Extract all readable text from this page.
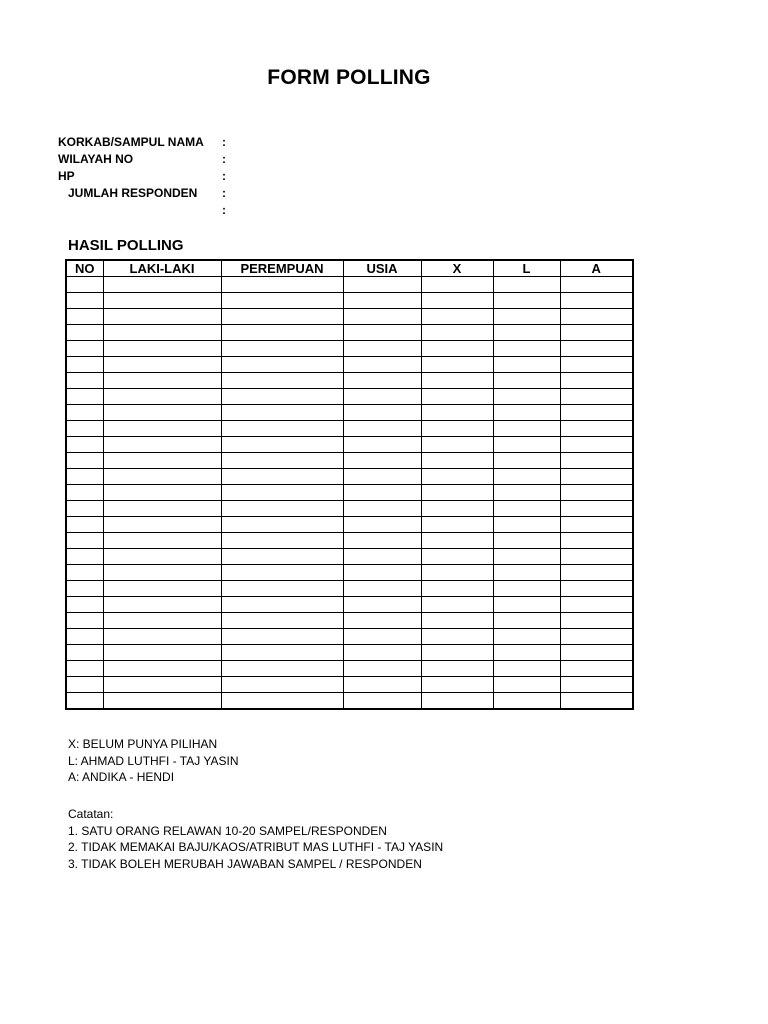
FORM POLLING
KORKAB/SAMPUL NAMA :
WILAYAH NO	:
HP	:
JUMLAH RESPONDEN :
:
HASIL POLLING
NO	LAKI-LAKI	PEREMPUAN	USIA	X	L	A

X: BELUM PUNYA PILIHAN
L: AHMAD LUTHFI - TAJ YASIN
A: ANDIKA - HENDI
Catatan:
1. SATU ORANG RELAWAN 10-20 SAMPEL/RESPONDEN
2. TIDAK MEMAKAI BAJU/KAOS/ATRIBUT MAS LUTHFI - TAJ YASIN
3. TIDAK BOLEH MERUBAH JAWABAN SAMPEL / RESPONDEN
